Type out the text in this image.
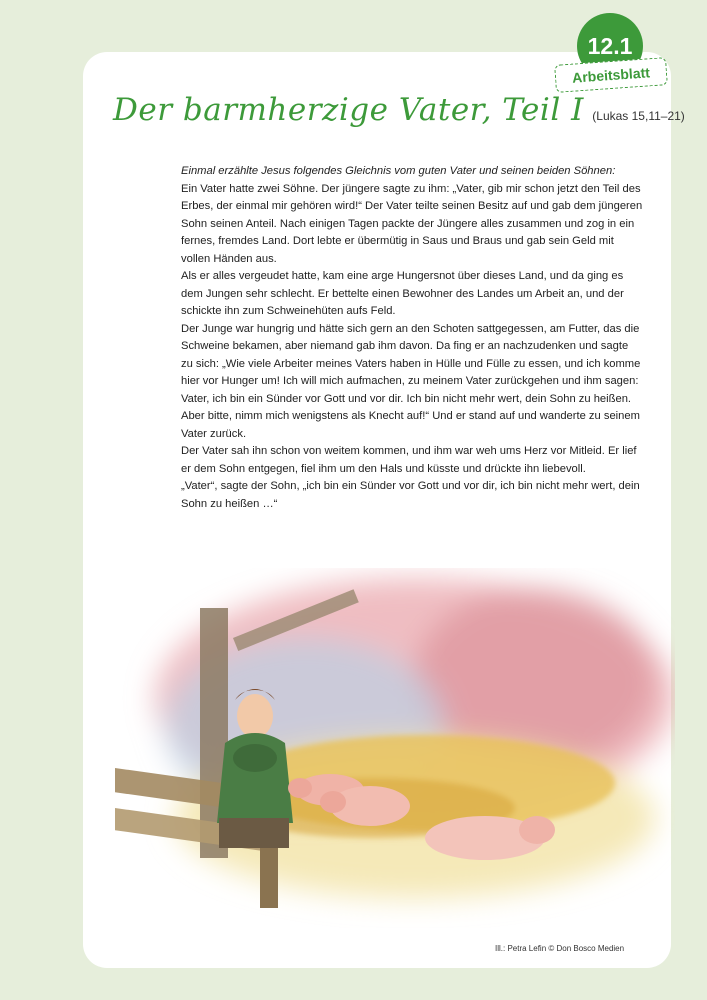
12.1
Arbeitsblatt
Der barmherzige Vater, Teil I (Lukas 15,11–21)

Einmal erzählte Jesus folgendes Gleichnis vom guten Vater und seinen beiden Söhnen:

Ein Vater hatte zwei Söhne. Der jüngere sagte zu ihm: „Vater, gib mir schon jetzt den Teil des Erbes, der einmal mir gehören wird!“ Der Vater teilte seinen Besitz auf und gab dem jüngeren Sohn seinen Anteil. Nach einigen Tagen packte der Jüngere alles zusammen und zog in ein fernes, fremdes Land. Dort lebte er übermütig in Saus und Braus und gab sein Geld mit vollen Händen aus.

Als er alles vergeudet hatte, kam eine arge Hungersnot über dieses Land, und da ging es dem Jungen sehr schlecht. Er bettelte einen Bewohner des Landes um Arbeit an, und der schickte ihn zum Schweinehüten aufs Feld.

Der Junge war hungrig und hätte sich gern an den Schoten sattgegessen, am Futter, das die Schweine bekamen, aber niemand gab ihm davon. Da fing er an nachzudenken und sagte zu sich: „Wie viele Arbeiter meines Vaters haben in Hülle und Fülle zu essen, und ich komme hier vor Hunger um! Ich will mich aufmachen, zu meinem Vater zurückgehen und ihm sagen: Vater, ich bin ein Sünder vor Gott und vor dir. Ich bin nicht mehr wert, dein Sohn zu heißen. Aber bitte, nimm mich wenigstens als Knecht auf!“ Und er stand auf und wanderte zu seinem Vater zurück.

Der Vater sah ihn schon von weitem kommen, und ihm war weh ums Herz vor Mitleid. Er lief er dem Sohn entgegen, fiel ihm um den Hals und küsste und drückte ihn liebevoll.

„Vater“, sagte der Sohn, „ich bin ein Sünder vor Gott und vor dir, ich bin nicht mehr wert, dein Sohn zu heißen …“

Ill.: Petra Lefin © Don Bosco Medien
